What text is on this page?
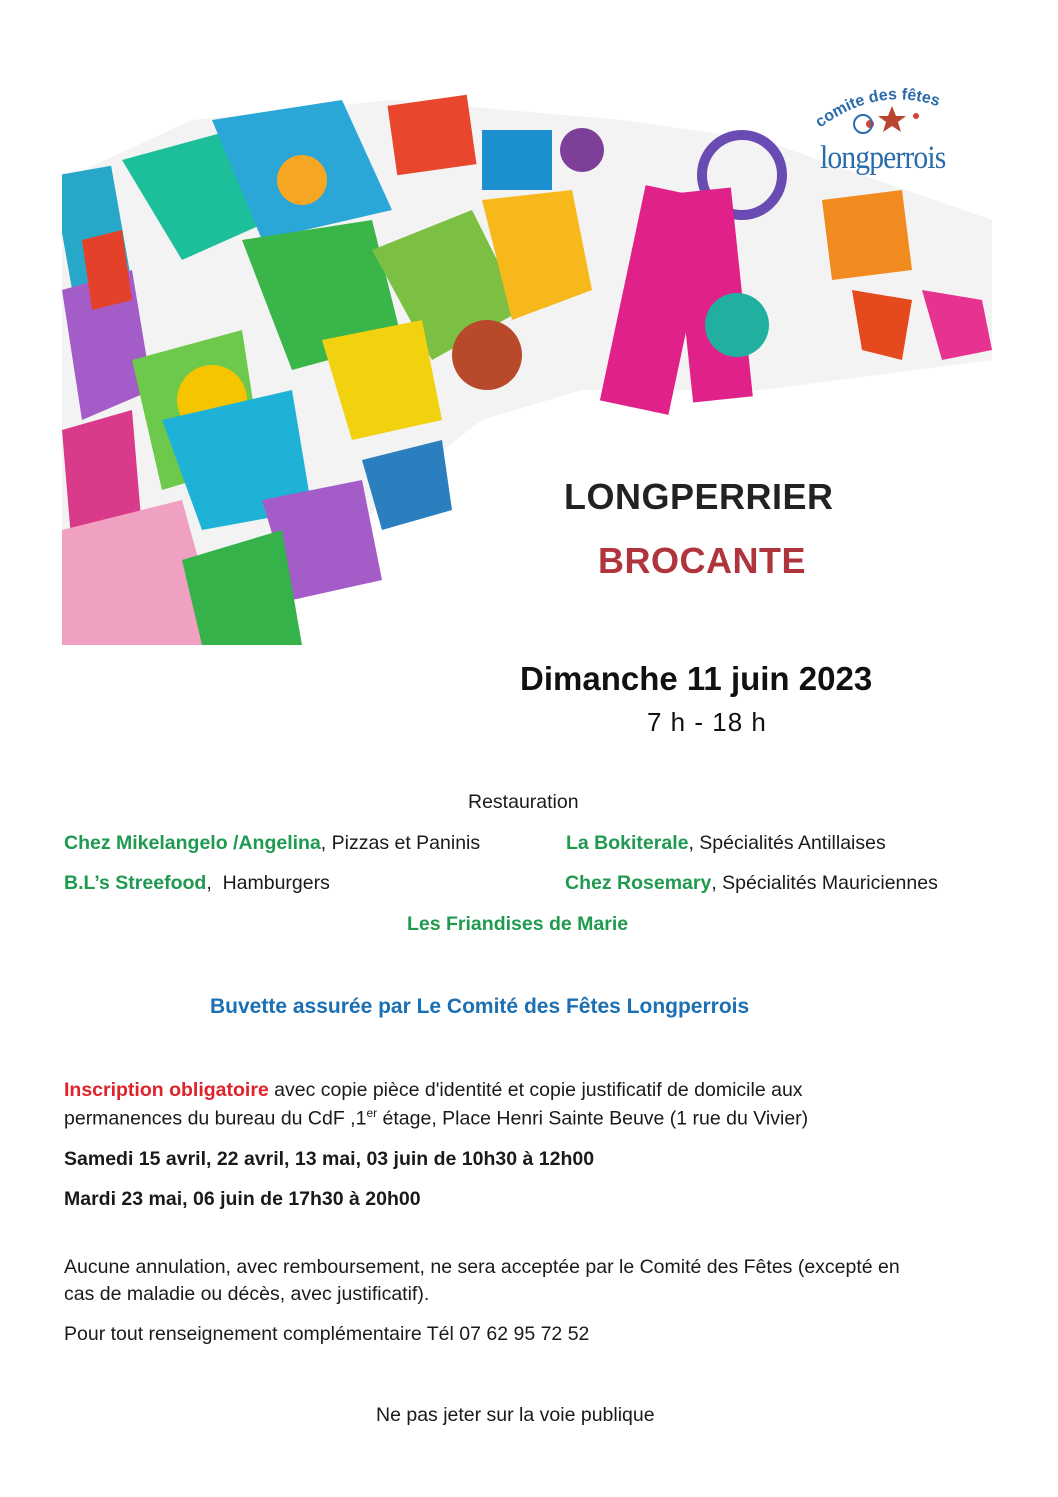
comite des fêtes
longperrois
LONGPERRIER
BROCANTE
Dimanche 11 juin 2023
7 h - 18 h
Restauration
Chez Mikelangelo /Angelina, Pizzas et Paninis	La Bokiterale, Spécialités Antillaises
B.L’s Streefood,  Hamburgers	Chez Rosemary, Spécialités Mauriciennes
Les Friandises de Marie
Buvette assurée par Le Comité des Fêtes Longperrois
Inscription obligatoire avec copie pièce d'identité et copie justificatif de domicile aux
permanences du bureau du CdF ,1er étage, Place Henri Sainte Beuve (1 rue du Vivier)
Samedi 15 avril, 22 avril, 13 mai, 03 juin de 10h30 à 12h00
Mardi 23 mai, 06 juin de 17h30 à 20h00
Aucune annulation, avec remboursement, ne sera acceptée par le Comité des Fêtes (excepté en
cas de maladie ou décès, avec justificatif).
Pour tout renseignement complémentaire Tél 07 62 95 72 52
Ne pas jeter sur la voie publique
